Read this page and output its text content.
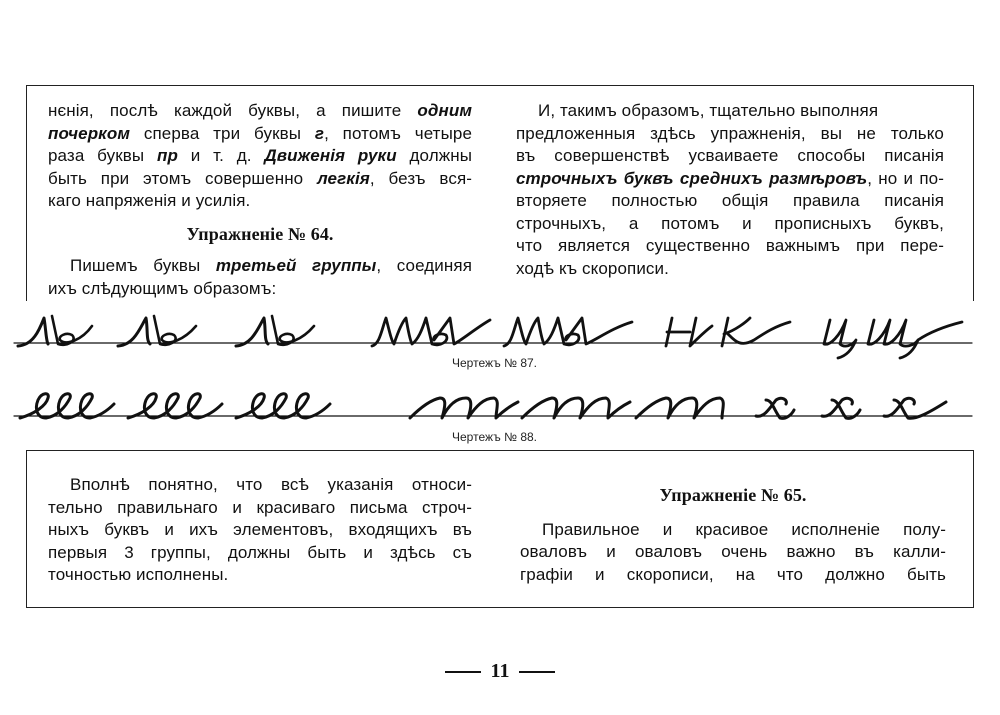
нєнія, послѣ каждой буквы, а пишите одним
почерком сперва три буквы г, потомъ четыре
раза буквы пр и т. д. Движенія руки должны
быть при этомъ совершенно легкія, безъ вся-
каго напряженія и усилія.
Упражненіе № 64.
Пишемъ буквы третьей группы, соединяя
ихъ слѣдующимъ образомъ:
И, такимъ образомъ, тщательно выполняя
предложенныя здѣсь упражненія, вы не только
въ совершенствѣ усваиваете способы писанія
строчныхъ буквъ среднихъ размѣровъ, но и по-
вторяете полностью общія правила писанія
строчныхъ, а потомъ и прописныхъ буквъ,
что является существенно важнымъ при пере-
ходѣ къ скорописи.
Чертежъ № 87.
Чертежъ № 88.
Вполнѣ понятно, что всѣ указанія относи-
тельно правильнаго и красиваго письма строч-
ныхъ буквъ и ихъ элементовъ, входящихъ въ
первыя 3 группы, должны быть и здѣсь съ
точностью исполнены.
Упражненіе № 65.
Правильное и красивое исполненіе полу-
оваловъ и оваловъ очень важно въ калли-
графіи и скорописи, на что должно быть
11
